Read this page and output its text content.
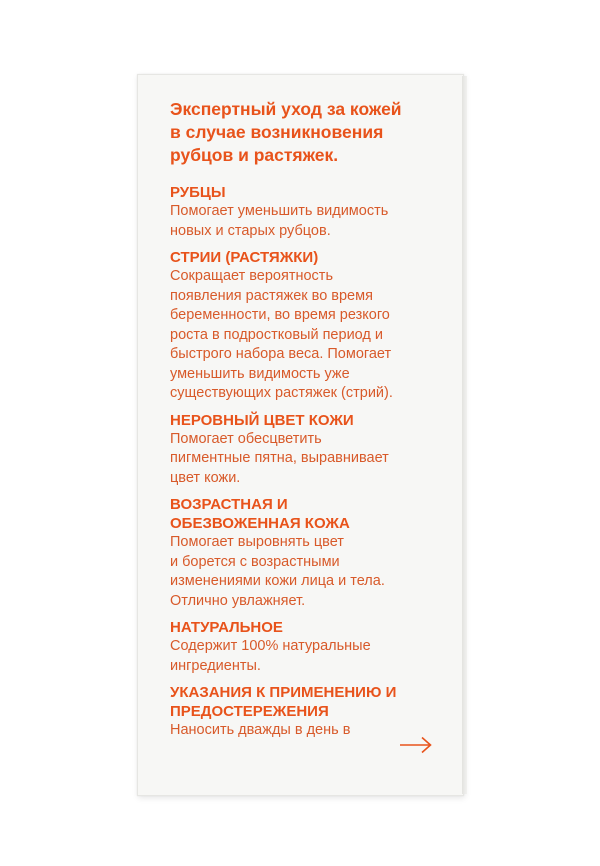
Экспертный уход за кожей
в случае возникновения
рубцов и растяжек.
РУБЦЫ
Помогает уменьшить видимость
новых и старых рубцов.
СТРИИ (РАСТЯЖКИ)
Сокращает вероятность
появления растяжек во время
беременности, во время резкого
роста в подростковый период и
быстрого набора веса. Помогает
уменьшить видимость уже
существующих растяжек (стрий).
НЕРОВНЫЙ ЦВЕТ КОЖИ
Помогает обесцветить
пигментные пятна, выравнивает
цвет кожи.
ВОЗРАСТНАЯ И
ОБЕЗВОЖЕННАЯ КОЖА
Помогает выровнять цвет
и борется с возрастными
изменениями кожи лица и тела.
Отлично увлажняет.
НАТУРАЛЬНОЕ
Содержит 100% натуральные
ингредиенты.
УКАЗАНИЯ К ПРИМЕНЕНИЮ И
ПРЕДОСТЕРЕЖЕНИЯ
Наносить дважды в день в
